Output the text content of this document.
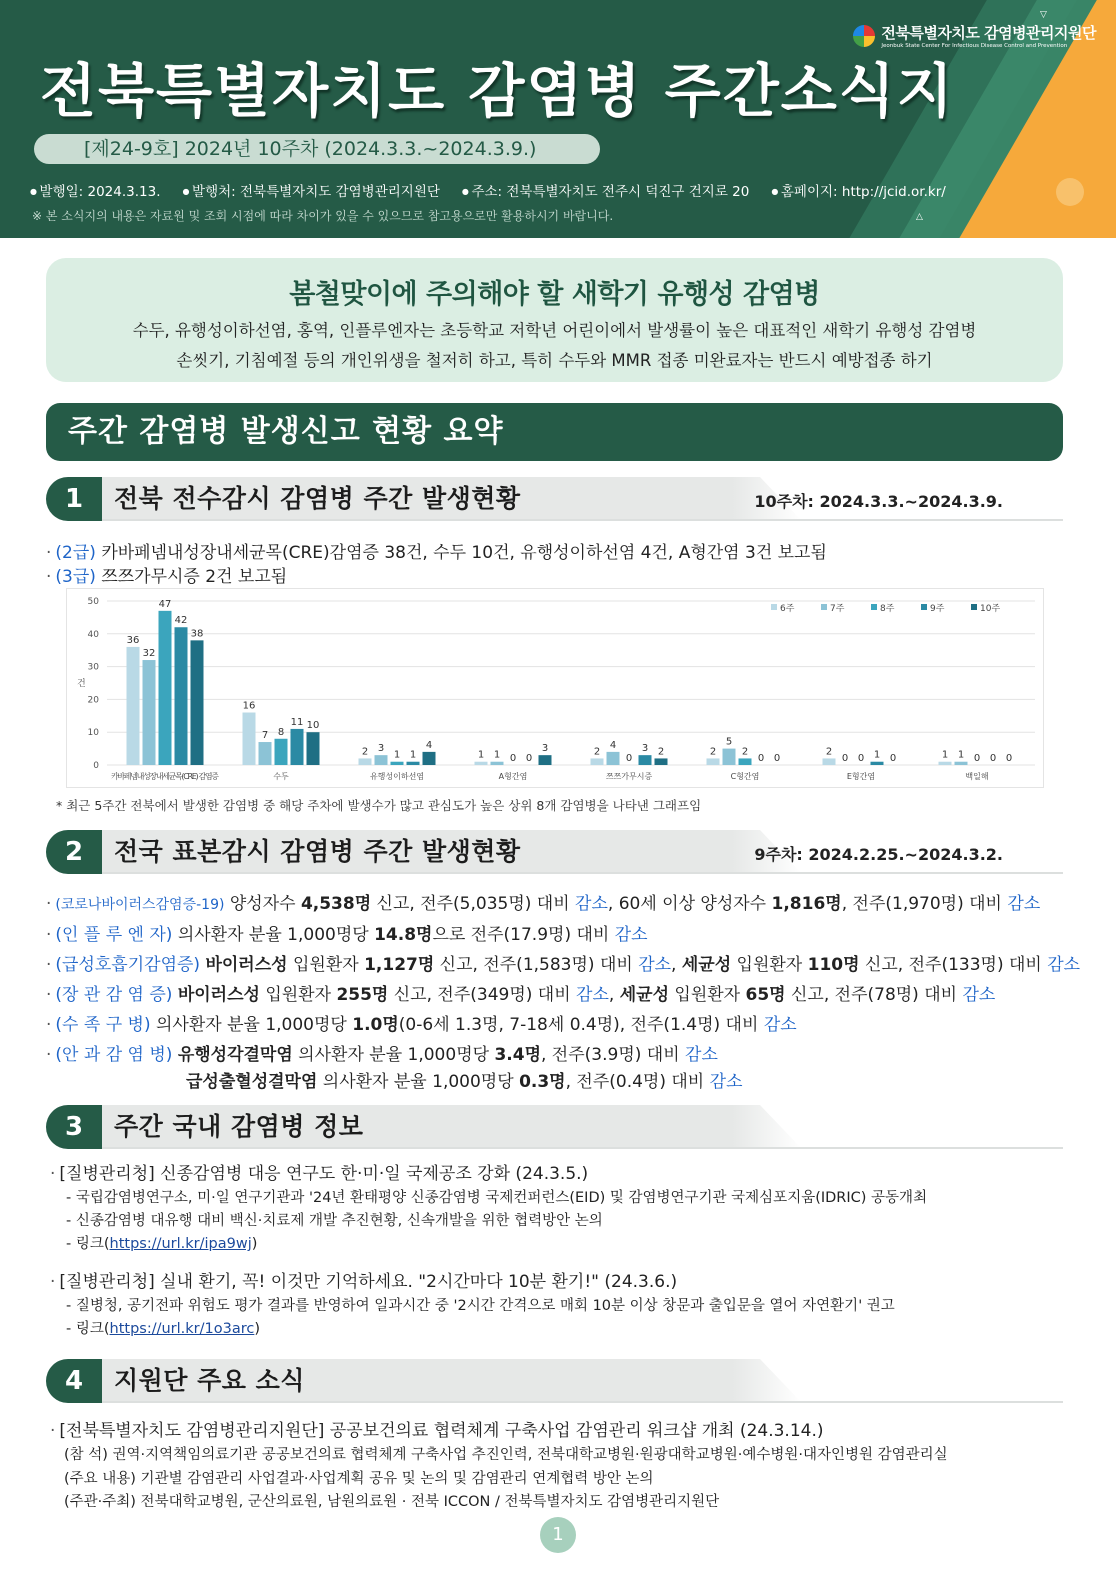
▽
△
전북특별자치도 감염병관리지원단
Jeonbuk State Center For Infectious Disease Control and Prevention
전북특별자치도 감염병 주간소식지
[제24-9호] 2024년 10주차 (2024.3.3.~2024.3.9.)
● 발행일: 2024.3.13.	● 발행처: 전북특별자치도 감염병관리지원단	● 주소: 전북특별자치도 전주시 덕진구 건지로 20	● 홈페이지: http://jcid.or.kr/
※ 본 소식지의 내용은 자료원 및 조회 시점에 따라 차이가 있을 수 있으므로 참고용으로만 활용하시기 바랍니다.
봄철맞이에 주의해야 할 새학기 유행성 감염병
수두, 유행성이하선염, 홍역, 인플루엔자는 초등학교 저학년 어린이에서 발생률이 높은 대표적인 새학기 유행성 감염병
손씻기, 기침예절 등의 개인위생을 철저히 하고, 특히 수두와 MMR 접종 미완료자는 반드시 예방접종 하기
주간 감염병 발생신고 현황 요약
1	전북 전수감시 감염병 주간 발생현황	10주차: 2024.3.3.~2024.3.9.
· (2급) 카바페넴내성장내세균목(CRE)감염증 38건, 수두 10건, 유행성이하선염 4건, A형간염 3건 보고됨
· (3급) 쯔쯔가무시증 2건 보고됨
0
10
20
30
40
50
건
36
32
47
42
38
카바페넴내성장내세균목(CRE) 감염증
16
7 8
11 10
수두
2 3
1 1
4
유행성이하선염
1 1 0 0
3
A형간염
2
4
0
3 2
쯔쯔가무시증
2
5
2
0 0
C형간염
2
0 0 1 0
E형간염
1 1 0 0 0
백일해
6주	7주	8주	9주	10주
* 최근 5주간 전북에서 발생한 감염병 중 해당 주차에 발생수가 많고 관심도가 높은 상위 8개 감염병을 나타낸 그래프임
2	전국 표본감시 감염병 주간 발생현황	9주차: 2024.2.25.~2024.3.2.
· (코로나바이러스감염증-19) 양성자수 4,538명 신고, 전주(5,035명) 대비 감소, 60세 이상 양성자수 1,816명, 전주(1,970명) 대비 감소
· (인 플 루 엔 자) 의사환자 분율 1,000명당 14.8명으로 전주(17.9명) 대비 감소
· (급성호흡기감염증) 바이러스성 입원환자 1,127명 신고, 전주(1,583명) 대비 감소, 세균성 입원환자 110명 신고, 전주(133명) 대비 감소
· (장 관 감 염 증) 바이러스성 입원환자 255명 신고, 전주(349명) 대비 감소, 세균성 입원환자 65명 신고, 전주(78명) 대비 감소
· (수 족 구 병) 의사환자 분율 1,000명당 1.0명(0-6세 1.3명, 7-18세 0.4명), 전주(1.4명) 대비 감소
· (안 과 감 염 병) 유행성각결막염 의사환자 분율 1,000명당 3.4명, 전주(3.9명) 대비 감소
급성출혈성결막염 의사환자 분율 1,000명당 0.3명, 전주(0.4명) 대비 감소
3	주간 국내 감염병 정보
· [질병관리청] 신종감염병 대응 연구도 한·미·일 국제공조 강화 (24.3.5.)
- 국립감염병연구소, 미·일 연구기관과 '24년 환태평양 신종감염병 국제컨퍼런스(EID) 및 감염병연구기관 국제심포지움(IDRIC) 공동개최
- 신종감염병 대유행 대비 백신·치료제 개발 추진현황, 신속개발을 위한 협력방안 논의
- 링크(https://url.kr/ipa9wj)
· [질병관리청] 실내 환기, 꼭! 이것만 기억하세요. "2시간마다 10분 환기!" (24.3.6.)
- 질병청, 공기전파 위험도 평가 결과를 반영하여 일과시간 중 '2시간 간격으로 매회 10분 이상 창문과 출입문을 열어 자연환기' 권고
- 링크(https://url.kr/1o3arc)
4	지원단 주요 소식
· [전북특별자치도 감염병관리지원단] 공공보건의료 협력체계 구축사업 감염관리 워크샵 개최 (24.3.14.)
(참 석) 권역·지역책임의료기관 공공보건의료 협력체계 구축사업 추진인력, 전북대학교병원·원광대학교병원·예수병원·대자인병원 감염관리실
(주요 내용) 기관별 감염관리 사업결과·사업계획 공유 및 논의 및 감염관리 연계협력 방안 논의
(주관·주최) 전북대학교병원, 군산의료원, 남원의료원 · 전북 ICCON / 전북특별자치도 감염병관리지원단
1
